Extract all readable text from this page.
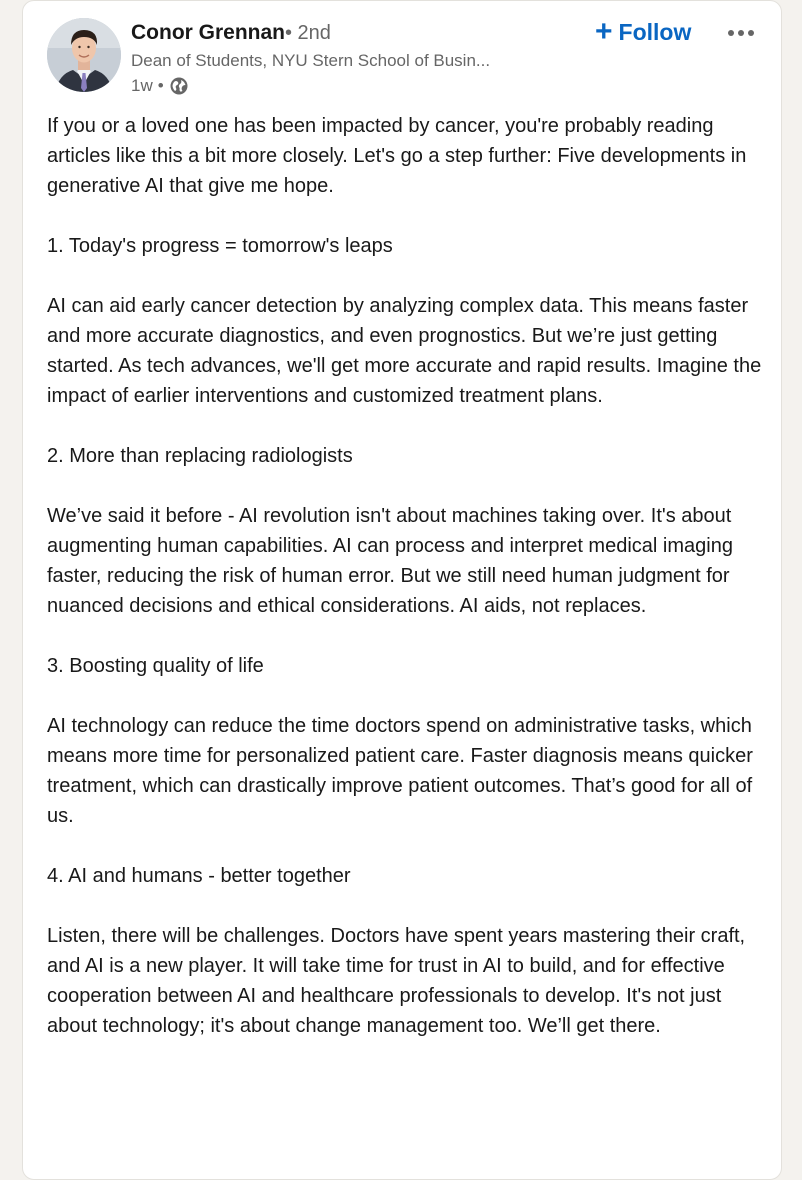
Conor Grennan • 2nd
Dean of Students, NYU Stern School of Busin...
1w •
+ Follow

If you or a loved one has been impacted by cancer, you're probably reading articles like this a bit more closely. Let's go a step further: Five developments in generative AI that give me hope.

1. Today's progress = tomorrow's leaps

AI can aid early cancer detection by analyzing complex data. This means faster and more accurate diagnostics, and even prognostics. But we’re just getting started. As tech advances, we'll get more accurate and rapid results. Imagine the impact of earlier interventions and customized treatment plans.

2. More than replacing radiologists

We’ve said it before - AI revolution isn't about machines taking over. It's about augmenting human capabilities. AI can process and interpret medical imaging faster, reducing the risk of human error. But we still need human judgment for nuanced decisions and ethical considerations. AI aids, not replaces.

3. Boosting quality of life

AI technology can reduce the time doctors spend on administrative tasks, which means more time for personalized patient care. Faster diagnosis means quicker treatment, which can drastically improve patient outcomes. That’s good for all of us.

4. AI and humans - better together

Listen, there will be challenges. Doctors have spent years mastering their craft, and AI is a new player. It will take time for trust in AI to build, and for effective cooperation between AI and healthcare professionals to develop. It's not just about technology; it's about change management too. We’ll get there.
